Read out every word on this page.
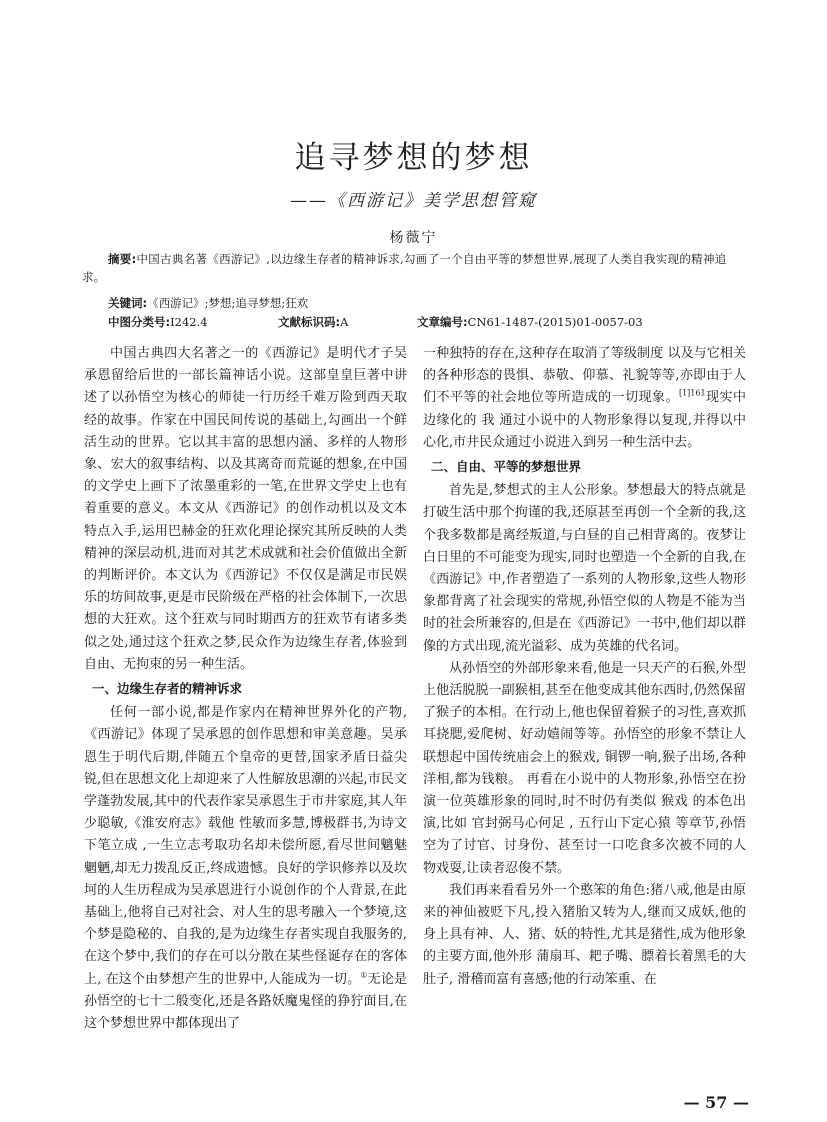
追寻梦想的梦想
——《西游记》美学思想管窥
杨薇宁
摘要:中国古典名著《西游记》,以边缘生存者的精神诉求,勾画了一个自由平等的梦想世界,展现了人类自我实现的精神追求。
关键词:《西游记》;梦想;追寻梦想;狂欢
中图分类号:I242.4	文献标识码:A	文章编号:CN61-1487-(2015)01-0057-03

中国古典四大名著之一的《西游记》是明代才子吴承恩留给后世的一部长篇神话小说。这部皇皇巨著中讲述了以孙悟空为核心的师徒一行历经千难万险到西天取经的故事。作家在中国民间传说的基础上,勾画出一个鲜活生动的世界。它以其丰富的思想内涵、多样的人物形象、宏大的叙事结构、以及其离奇而荒诞的想象,在中国的文学史上画下了浓墨重彩的一笔,在世界文学史上也有着重要的意义。本文从《西游记》的创作动机以及文本特点入手,运用巴赫金的狂欢化理论探究其所反映的人类精神的深层动机,进而对其艺术成就和社会价值做出全新的判断评价。本文认为《西游记》不仅仅是满足市民娱乐的坊间故事,更是市民阶级在严格的社会体制下,一次思想的大狂欢。这个狂欢与同时期西方的狂欢节有诸多类似之处,通过这个狂欢之梦,民众作为边缘生存者,体验到自由、无拘束的另一种生活。

一、边缘生存者的精神诉求

任何一部小说,都是作家内在精神世界外化的产物,《西游记》体现了吴承恩的创作思想和审美意趣。吴承恩生于明代后期,伴随五个皇帝的更替,国家矛盾日益尖锐,但在思想文化上却迎来了人性解放思潮的兴起,市民文学蓬勃发展,其中的代表作家吴承恩生于市井家庭,其人年少聪敏,《淮安府志》载他 性敏而多慧,博极群书,为诗文下笔立成 ,一生立志考取功名却未偿所愿,看尽世间魑魅魍魉,却无力拨乱反正,终成遗憾。良好的学识修养以及坎坷的人生历程成为吴承恩进行小说创作的个人背景,在此基础上,他将自己对社会、对人生的思考融入一个梦境,这个梦是隐秘的、自我的,是为边缘生存者实现自我服务的,在这个梦中,我们的存在可以分散在某些怪诞存在的客体上, 在这个由梦想产生的世界中,人能成为一切。①无论是孙悟空的七十二般变化,还是各路妖魔鬼怪的狰狞面目,在这个梦想世界中都体现出了

一种独特的存在,这种存在取消了等级制度 以及与它相关的各种形态的畏惧、恭敬、仰慕、礼貌等等,亦即由于人们不平等的社会地位等所造成的一切现象。$^{[1]161}$现实中边缘化的 我 通过小说中的人物形象得以复现,并得以中心化,市井民众通过小说进入到另一种生活中去。

二、自由、平等的梦想世界

首先是,梦想式的主人公形象。梦想最大的特点就是打破生活中那个拘谨的我,还原甚至再创一个全新的我,这个我多数都是离经叛道,与白昼的自己相背离的。夜梦让白日里的不可能变为现实,同时也塑造一个全新的自我,在《西游记》中,作者塑造了一系列的人物形象,这些人物形象都背离了社会现实的常规,孙悟空似的人物是不能为当时的社会所兼容的,但是在《西游记》一书中,他们却以群像的方式出现,流光溢彩、成为英雄的代名词。

从孙悟空的外部形象来看,他是一只天产的石猴,外型上他活脱脱一副猴相,甚至在他变成其他东西时,仍然保留了猴子的本相。在行动上,他也保留着猴子的习性,喜欢抓耳挠腮,爱爬树、好动嬉闹等等。孙悟空的形象不禁让人联想起中国传统庙会上的猴戏, 铜锣一响,猴子出场,各种洋相,都为钱粮。 再看在小说中的人物形象,孙悟空在扮演一位英雄形象的同时,时不时仍有类似 猴戏 的本色出演,比如 官封弼马心何足 , 五行山下定心猿 等章节,孙悟空为了讨官、讨身份、甚至讨一口吃食多次被不同的人物戏耍,让读者忍俊不禁。

我们再来看看另外一个憨笨的角色:猪八戒,他是由原来的神仙被贬下凡,投入猪胎又转为人,继而又成妖,他的身上具有神、人、猪、妖的特性,尤其是猪性,成为他形象的主要方面,他外形 蒲扇耳、耙子嘴、膘着长着黑毛的大肚子, 滑稽而富有喜感;他的行动笨重、在

— 57 —
